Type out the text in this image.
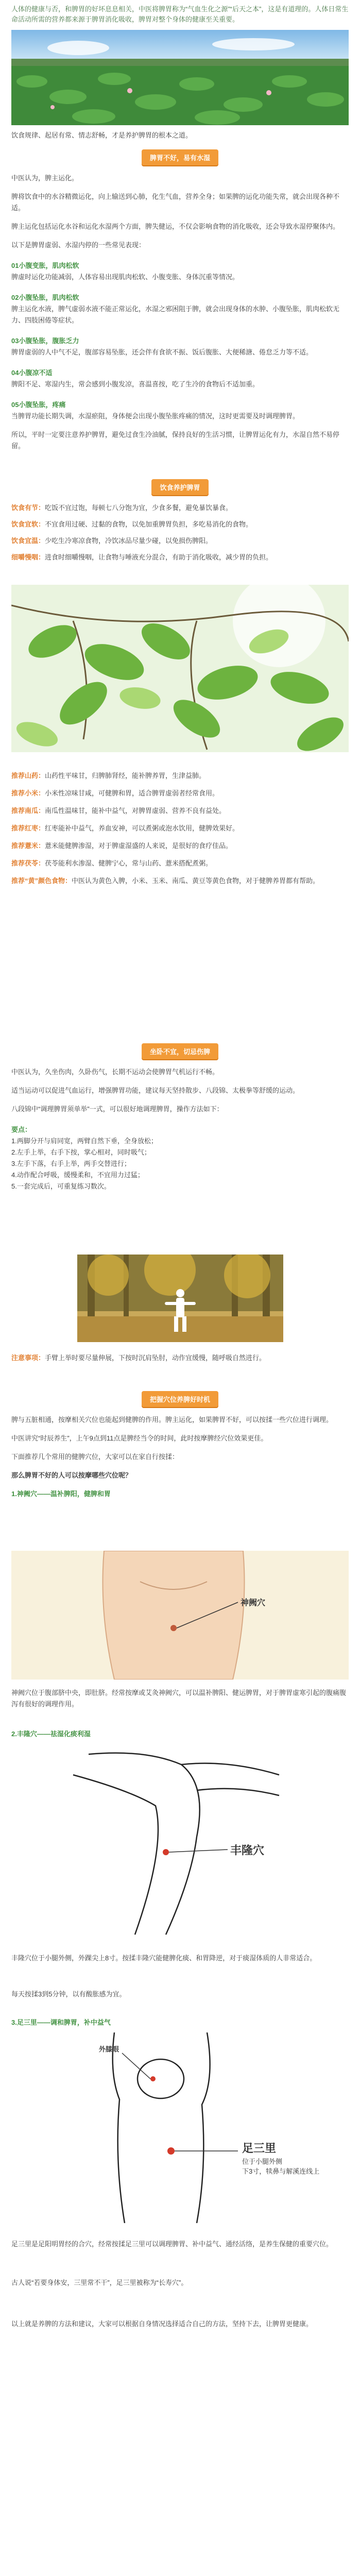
人体的健康与否，和脾胃的好坏息息相关，中医将脾胃称为“气血生化之源”“后天之本”，这是有道理的。人体日常生命活动所需的营养都来源于脾胃消化吸收，脾胃对整个身体的健康至关重要。

饮食规律、起居有常、情志舒畅，才是养护脾胃的根本之道。

脾胃不好，易有水湿

中医认为，脾主运化。

脾将饮食中的水谷精微运化，向上输送到心肺，化生气血，营养全身；如果脾的运化功能失常，就会出现各种不适。

脾主运化包括运化水谷和运化水湿两个方面，脾失健运，不仅会影响食物的消化吸收，还会导致水湿停聚体内。

以下是脾胃虚弱、水湿内停的一些常见表现：

01小腹变胀，肌肉松软

脾虚时运化功能减弱，人体容易出现肌肉松软、小腹变胀、身体沉重等情况。

02小腹坠胀，肌肉松软

脾主运化水液，脾气虚弱水液不能正常运化，水湿之邪困阻于脾，就会出现身体的水肿、小腹坠胀，肌肉松软无力、四肢困倦等症状。

03小腹坠胀，腹胀乏力

脾胃虚弱的人中气不足，腹部容易坠胀，还会伴有食欲不振、饭后腹胀、大便稀溏、倦怠乏力等不适。

04小腹凉不适

脾阳不足、寒湿内生，常会感到小腹发凉，喜温喜按，吃了生冷的食物后不适加重。

05小腹坠胀，疼痛

当脾胃功能长期失调，水湿瘀阻，身体便会出现小腹坠胀疼痛的情况，这时更需要及时调理脾胃。

所以，平时一定要注意养护脾胃，避免过食生冷油腻，保持良好的生活习惯，让脾胃运化有力，水湿自然不易停留。

饮食养护脾胃

饮食有节：吃饭不宜过饱，每顿七八分饱为宜，少食多餐，避免暴饮暴食。

饮食宜软：不宜食用过硬、过黏的食物，以免加重脾胃负担，多吃易消化的食物。

饮食宜温：少吃生冷寒凉食物，冷饮冰品尽量少碰，以免损伤脾阳。

细嚼慢咽：进食时细嚼慢咽，让食物与唾液充分混合，有助于消化吸收，减少胃的负担。

推荐山药：山药性平味甘，归脾肺肾经，能补脾养胃，生津益肺。

推荐小米：小米性凉味甘咸，可健脾和胃，适合脾胃虚弱者经常食用。

推荐南瓜：南瓜性温味甘，能补中益气，对脾胃虚弱、营养不良有益处。

推荐红枣：红枣能补中益气，养血安神，可以煮粥或泡水饮用，健脾效果好。

推荐薏米：薏米能健脾渗湿，对于脾虚湿盛的人来说，是很好的食疗佳品。

推荐茯苓：茯苓能利水渗湿、健脾宁心，常与山药、薏米搭配煮粥。

推荐“黄”颜色食物：中医认为黄色入脾，小米、玉米、南瓜、黄豆等黄色食物，对于健脾养胃都有帮助。

坐卧不宜，切忌伤脾

中医认为，久坐伤肉，久卧伤气，长期不运动会使脾胃气机运行不畅。

适当运动可以促进气血运行，增强脾胃功能，建议每天坚持散步、八段锦、太极拳等舒缓的运动。

八段锦中“调理脾胃须单举”一式，可以很好地调理脾胃，操作方法如下：

要点：

1.两脚分开与肩同宽，两臂自然下垂，全身放松；

2.左手上举，右手下按，掌心相对，同时吸气；

3.左手下落，右手上举，两手交替进行；

4.动作配合呼吸，缓慢柔和，不宜用力过猛；

5.一套完成后，可重复练习数次。

注意事项：手臂上举时要尽量伸展，下按时沉肩坠肘，动作宜缓慢，随呼吸自然进行。

把握穴位养脾好时机

脾与五脏相通，按摩相关穴位也能起到健脾的作用。脾主运化，如果脾胃不好，可以按揉一些穴位进行调理。

中医讲究“时辰养生”，上午9点到11点是脾经当令的时间，此时按摩脾经穴位效果更佳。

下面推荐几个常用的健脾穴位，大家可以在家自行按揉：

那么脾胃不好的人可以按摩哪些穴位呢？

1.神阙穴——温补脾阳，健脾和胃

神阙穴

神阙穴位于腹部脐中央，即肚脐。经常按摩或艾灸神阙穴，可以温补脾阳、健运脾胃，对于脾胃虚寒引起的腹痛腹泻有很好的调理作用。

2.丰隆穴——祛湿化痰利湿

丰隆穴

丰隆穴位于小腿外侧，外踝尖上8寸。按揉丰隆穴能健脾化痰、和胃降逆，对于痰湿体质的人非常适合。

每天按揉3到5分钟，以有酸胀感为宜。

3.足三里——调和脾胃，补中益气

外膝眼
足三里
位于小腿外侧
下3寸，犊鼻与解溪连线上

足三里是足阳明胃经的合穴，经常按揉足三里可以调理脾胃、补中益气、通经活络，是养生保健的重要穴位。

古人说“若要身体安，三里常不干”，足三里被称为“长寿穴”。

以上就是养脾的方法和建议，大家可以根据自身情况选择适合自己的方法，坚持下去，让脾胃更健康。
